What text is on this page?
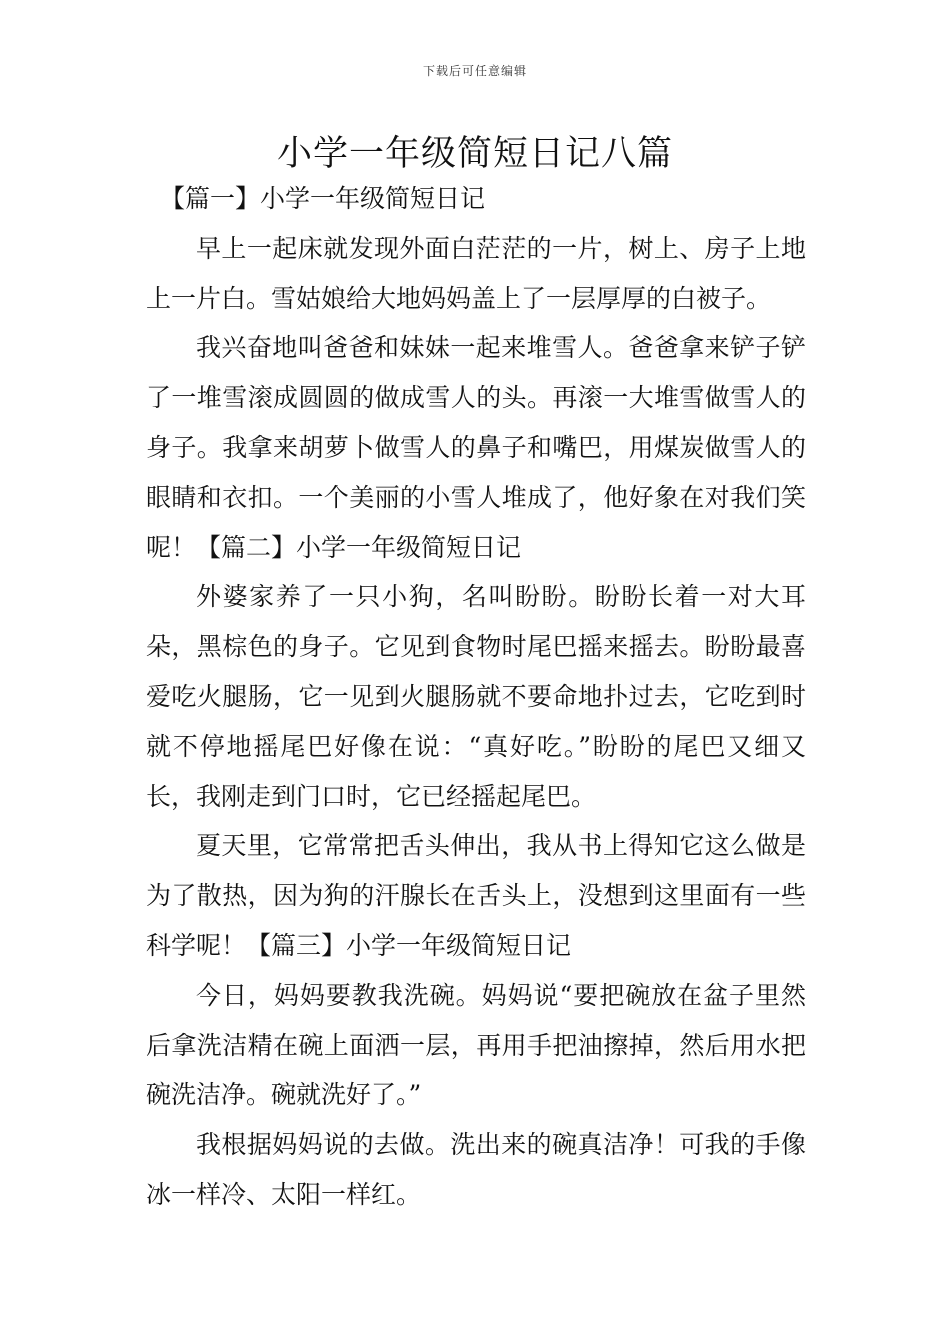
下载后可任意编辑
小学一年级简短日记八篇

【篇一】小学一年级简短日记

早上一起床就发现外面白茫茫的一片，树上、房子上地上一片白。雪姑娘给大地妈妈盖上了一层厚厚的白被子。

我兴奋地叫爸爸和妹妹一起来堆雪人。爸爸拿来铲子铲了一堆雪滚成圆圆的做成雪人的头。再滚一大堆雪做雪人的身子。我拿来胡萝卜做雪人的鼻子和嘴巴，用煤炭做雪人的眼睛和衣扣。一个美丽的小雪人堆成了，他好象在对我们笑呢！【篇二】小学一年级简短日记

外婆家养了一只小狗，名叫盼盼。盼盼长着一对大耳朵，黑棕色的身子。它见到食物时尾巴摇来摇去。盼盼最喜爱吃火腿肠，它一见到火腿肠就不要命地扑过去，它吃到时就不停地摇尾巴好像在说：“真好吃。”盼盼的尾巴又细又长，我刚走到门口时，它已经摇起尾巴。

夏天里，它常常把舌头伸出，我从书上得知它这么做是为了散热，因为狗的汗腺长在舌头上，没想到这里面有一些科学呢！【篇三】小学一年级简短日记

今日，妈妈要教我洗碗。妈妈说“要把碗放在盆子里然后拿洗洁精在碗上面洒一层，再用手把油擦掉，然后用水把碗洗洁净。碗就洗好了。”

我根据妈妈说的去做。洗出来的碗真洁净！可我的手像冰一样冷、太阳一样红。
